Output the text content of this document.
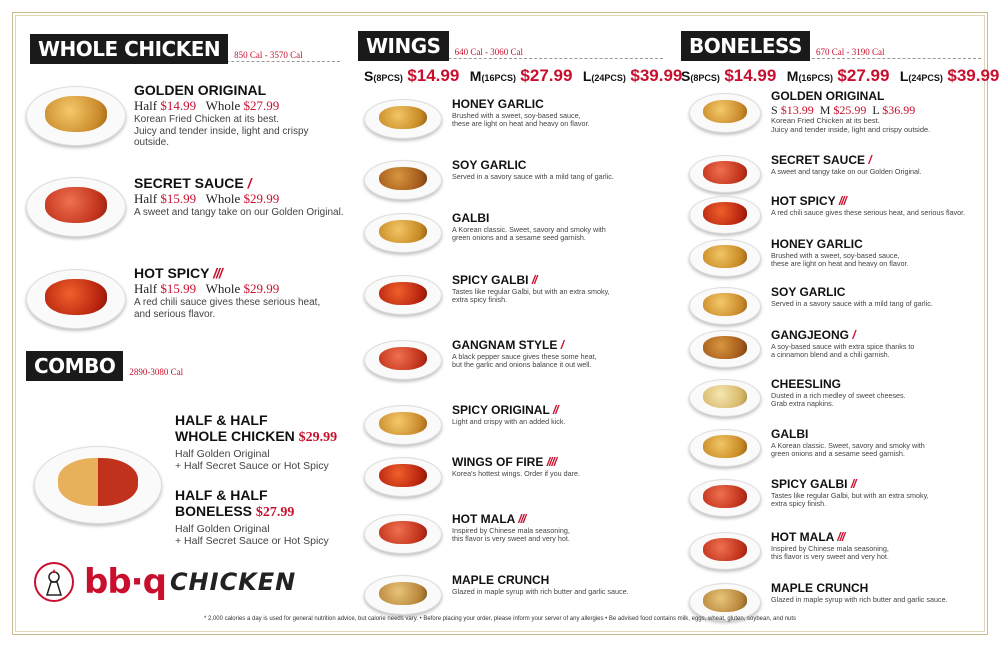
WHOLE CHICKEN	850 Cal - 3570 Cal
GOLDEN ORIGINAL
Half $14.99 Whole $27.99
Korean Fried Chicken at its best.
Juicy and tender inside, light and crispy outside.
SECRET SAUCE /
Half $15.99 Whole $29.99
A sweet and tangy take on our Golden Original.
HOT SPICY ///
Half $15.99 Whole $29.99
A red chili sauce gives these serious heat,
and serious flavor.
COMBO	2890-3080 Cal
HALF & HALF
WHOLE CHICKEN $29.99
Half Golden Original
+ Half Secret Sauce or Hot Spicy
HALF & HALF
BONELESS $27.99
Half Golden Original
+ Half Secret Sauce or Hot Spicy
bb·q CHICKEN
WINGS	640 Cal - 3060 Cal
S(8PCS) $14.99 M(16PCS) $27.99 L(24PCS) $39.99
HONEY GARLIC
Brushed with a sweet, soy-based sauce,
these are light on heat and heavy on flavor.
SOY GARLIC
Served in a savory sauce with a mild tang of garlic.
GALBI
A Korean classic. Sweet, savory and smoky with
green onions and a sesame seed garnish.
SPICY GALBI //
Tastes like regular Galbi, but with an extra smoky,
extra spicy finish.
GANGNAM STYLE /
A black pepper sauce gives these some heat,
but the garlic and onions balance it out well.
SPICY ORIGINAL //
Light and crispy with an added kick.
WINGS OF FIRE ////
Korea's hottest wings. Order if you dare.
HOT MALA ///
Inspired by Chinese mala seasoning,
this flavor is very sweet and very hot.
MAPLE CRUNCH
Glazed in maple syrup with rich butter and garlic sauce.
BONELESS	670 Cal - 3190 Cal
S(8PCS) $14.99 M(16PCS) $27.99 L(24PCS) $39.99
GOLDEN ORIGINAL
S $13.99 M $25.99 L $36.99
Korean Fried Chicken at its best.
Juicy and tender inside, light and crispy outside.
SECRET SAUCE /
A sweet and tangy take on our Golden Original.
HOT SPICY ///
A red chili sauce gives these serious heat, and serious flavor.
HONEY GARLIC
Brushed with a sweet, soy-based sauce,
these are light on heat and heavy on flavor.
SOY GARLIC
Served in a savory sauce with a mild tang of garlic.
GANGJEONG /
A soy-based sauce with extra spice thanks to
a cinnamon blend and a chili garnish.
CHEESLING
Dusted in a rich medley of sweet cheeses.
Grab extra napkins.
GALBI
A Korean classic. Sweet, savory and smoky with
green onions and a sesame seed garnish.
SPICY GALBI //
Tastes like regular Galbi, but with an extra smoky,
extra spicy finish.
HOT MALA ///
Inspired by Chinese mala seasoning,
this flavor is very sweet and very hot.
MAPLE CRUNCH
Glazed in maple syrup with rich butter and garlic sauce.
* 2,000 calories a day is used for general nutrition advice, but calorie needs vary. • Before placing your order, please inform your server of any allergies • Be advised food contains milk, eggs, wheat, gluten, soybean, and nuts
